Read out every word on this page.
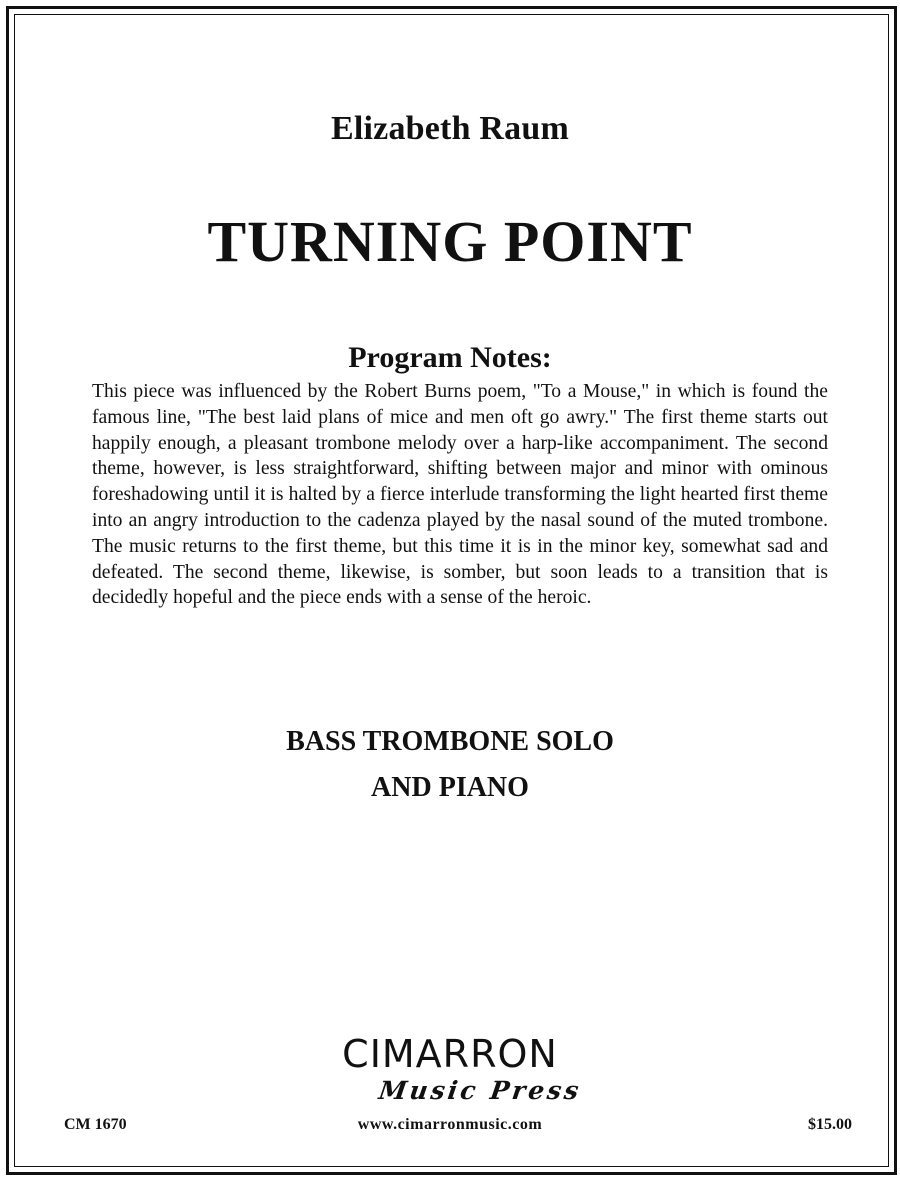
Elizabeth Raum
TURNING POINT
Program Notes:
This piece was influenced by the Robert Burns poem, "To a Mouse," in which is found the famous line, "The best laid plans of mice and men oft go awry." The first theme starts out happily enough, a pleasant trombone melody over a harp-like accompaniment. The second theme, however, is less straightforward, shifting between major and minor with ominous foreshadowing until it is halted by a fierce interlude transforming the light hearted first theme into an angry introduction to the cadenza played by the nasal sound of the muted trombone. The music returns to the first theme, but this time it is in the minor key, somewhat sad and defeated. The second theme, likewise, is somber, but soon leads to a transition that is decidedly hopeful and the piece ends with a sense of the heroic.
BASS TROMBONE SOLO
AND PIANO
CIMARRON
Music Press
CM 1670	www.cimarronmusic.com	$15.00
